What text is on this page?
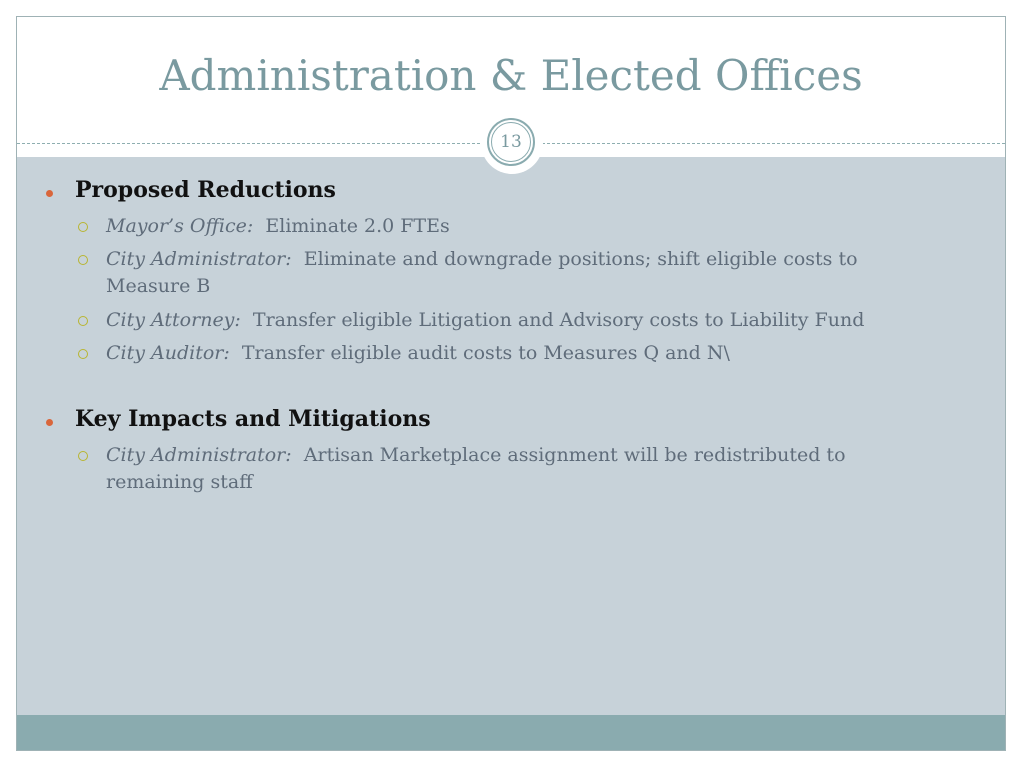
Administration & Elected Offices
13
Proposed Reductions
Mayor’s Office: Eliminate 2.0 FTEs
City Administrator: Eliminate and downgrade positions; shift eligible costs to Measure B
City Attorney: Transfer eligible Litigation and Advisory costs to Liability Fund
City Auditor: Transfer eligible audit costs to Measures Q and N\
Key Impacts and Mitigations
City Administrator: Artisan Marketplace assignment will be redistributed to remaining staff
